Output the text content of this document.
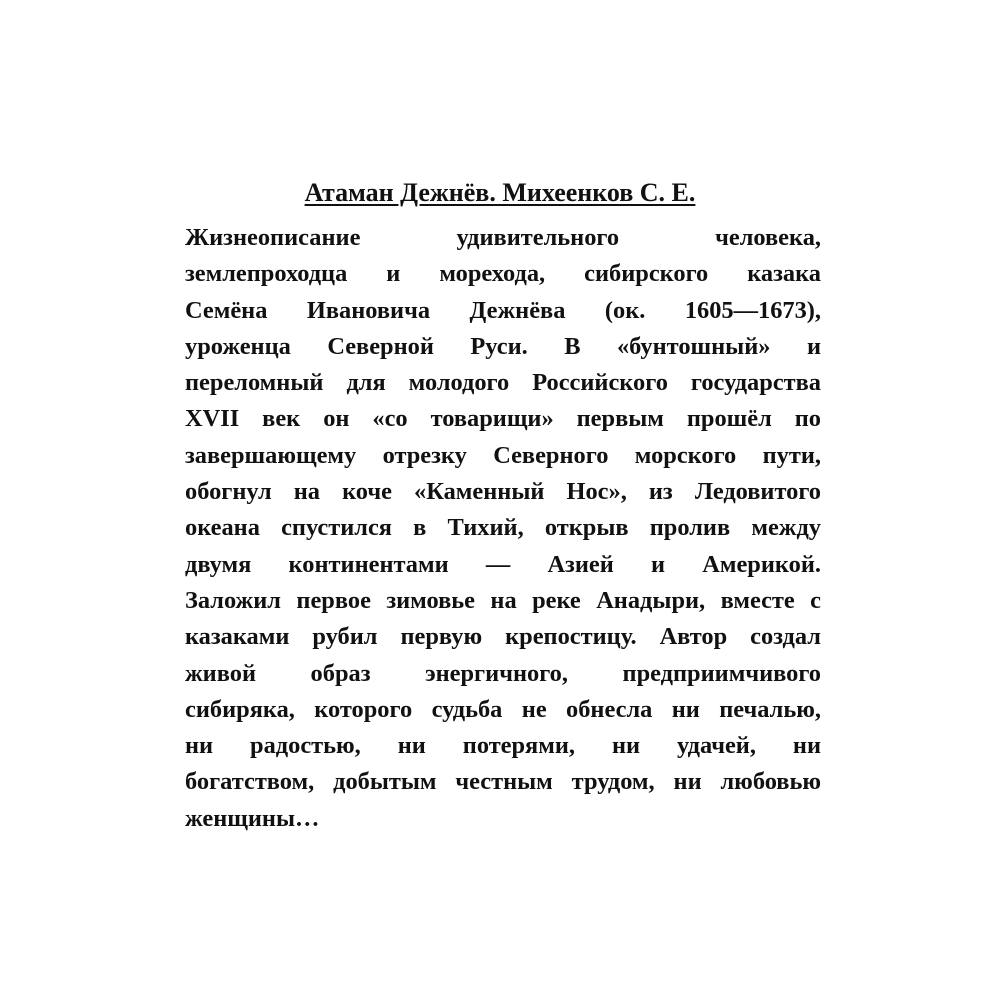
Атаман Дежнёв. Михеенков С. Е.
Жизнеописание удивительного человека,
землепроходца и морехода, сибирского казака
Семёна Ивановича Дежнёва (ок. 1605—1673),
уроженца Северной Руси. В «бунтошный» и
переломный для молодого Российского государства
XVII век он «со товарищи» первым прошёл по
завершающему отрезку Северного морского пути,
обогнул на коче «Каменный Нос», из Ледовитого
океана спустился в Тихий, открыв пролив между
двумя континентами — Азией и Америкой.
Заложил первое зимовье на реке Анадыри, вместе с
казаками рубил первую крепостицу. Автор создал
живой образ энергичного, предприимчивого
сибиряка, которого судьба не обнесла ни печалью,
ни радостью, ни потерями, ни удачей, ни
богатством, добытым честным трудом, ни любовью
женщины…
